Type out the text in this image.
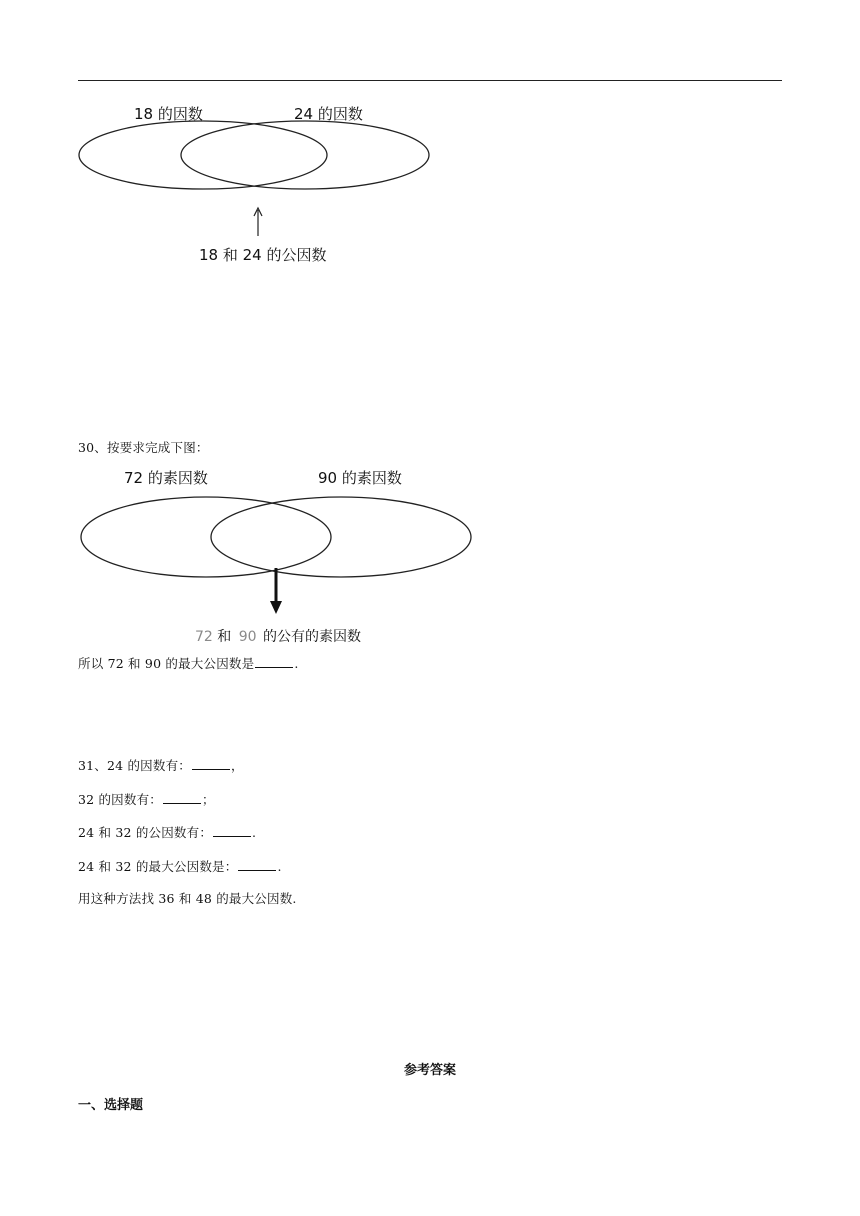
18 的因数	24 的因数
18 和 24 的公因数
30、按要求完成下图：
72 的素因数	90 的素因数
72 和 90 的公有的素因数
所以 72 和 90 的最大公因数是	.
31、24 的因数有：	，
32 的因数有：	；
24 和 32 的公因数有：	.
24 和 32 的最大公因数是：	.
用这种方法找 36 和 48 的最大公因数.
参考答案
一、选择题
